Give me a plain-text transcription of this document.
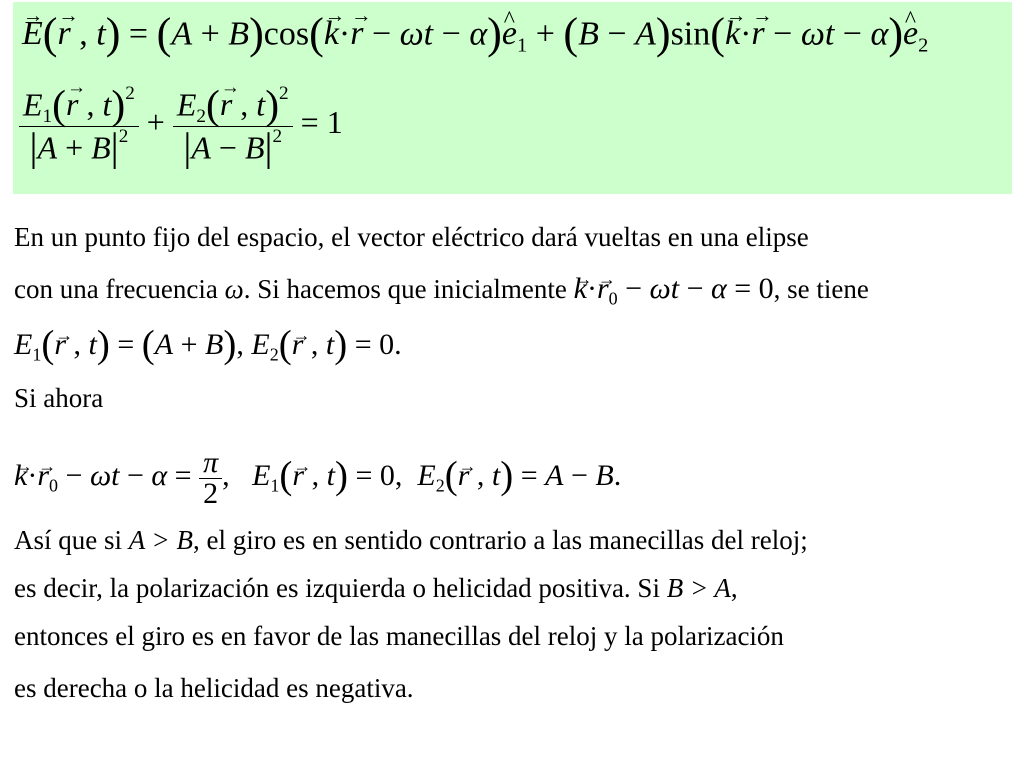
→ E(→ r , t) = (A + B)cos(→ k·→ r − ωt − α)^ $e_1 + (B - A)\sin(\to k\cdot\to r - \omega t$ − α)^ $e_2$
$\frac{E_1(\to r , t)^2}{|A + B|^2} + \frac{E_2(\to r , t)^2}{|A - B|^2} = 1$
En un punto fijo del espacio, el vector eléctrico dará vueltas en una elipse
con una frecuencia ω. Si hacemos que inicialmente → $k\cdot\to r_0 - \omega t - \alpha = 0$, se tiene
$E_1(\to r$ , t) = (A + B), $E_2(\to r$ , t) = 0.
Si ahora
→ $k\cdot\to r_0 - \omega t - \alpha = \frac{\pi}{2}$ ,   $E_1(\to r$ , t) = 0,  $E_2(\to r$ , t) = A − B.
Así que si A > B, el giro es en sentido contrario a las manecillas del reloj;
es decir, la polarización es izquierda o helicidad positiva. Si B > A,
entonces el giro es en favor de las manecillas del reloj y la polarización
es derecha o la helicidad es negativa.
